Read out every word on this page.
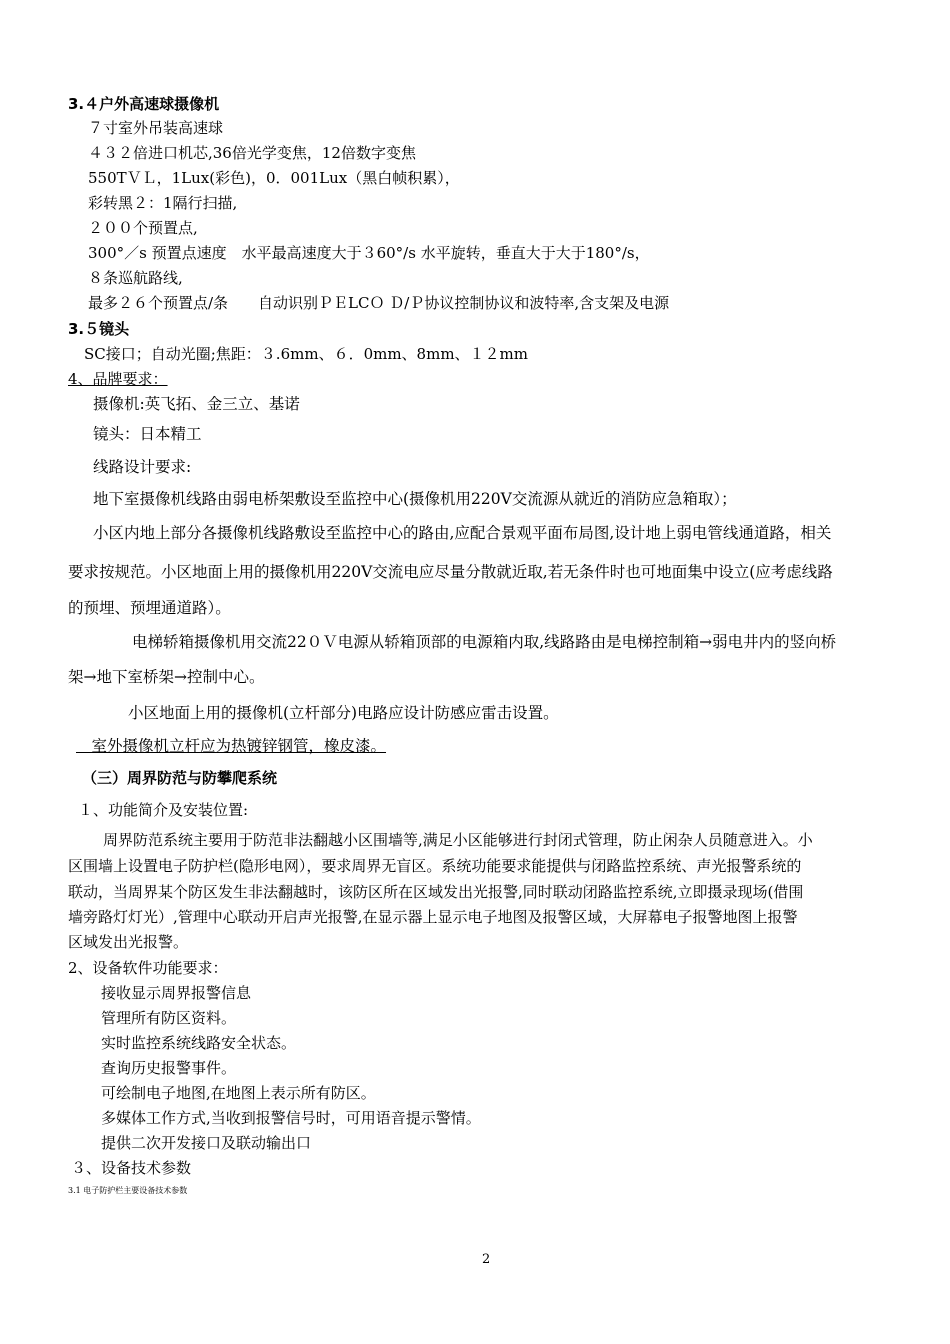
3.４户外高速球摄像机
７寸室外吊装高速球
４３２倍进口机芯,36倍光学变焦，12倍数字变焦
550TＶＬ，1Lux(彩色)，0．001Lux（黑白帧积累），
彩转黑２：1隔行扫描,
２００个预置点,
300°／s 预置点速度　水平最高速度大于３60°/s 水平旋转，垂直大于大于180°/s，
８条巡航路线,
最多２６个预置点/条　　自动识别ＰＥLCＯ Ｄ/Ｐ协议控制协议和波特率,含支架及电源
3.５镜头
SC接口；自动光圈;焦距：３.6mm、６．0mm、8mm、１２mm
4、品牌要求：
摄像机:英飞拓、金三立、基诺
镜头：日本精工
线路设计要求:
地下室摄像机线路由弱电桥架敷设至监控中心(摄像机用220V交流源从就近的消防应急箱取）；
小区内地上部分各摄像机线路敷设至监控中心的路由,应配合景观平面布局图,设计地上弱电管线通道路，相关
要求按规范。小区地面上用的摄像机用220V交流电应尽量分散就近取,若无条件时也可地面集中设立(应考虑线路
的预埋、预埋通道路）。
电梯轿箱摄像机用交流22０Ｖ电源从轿箱顶部的电源箱内取,线路路由是电梯控制箱→弱电井内的竖向桥
架→地下室桥架→控制中心。
小区地面上用的摄像机(立杆部分)电路应设计防感应雷击设置。
　室外摄像机立杆应为热镀锌钢管，橡皮漆。
（三）周界防范与防攀爬系统
１、功能简介及安装位置:
周界防范系统主要用于防范非法翻越小区围墙等,满足小区能够进行封闭式管理，防止闲杂人员随意进入。小
区围墙上设置电子防护栏(隐形电网），要求周界无盲区。系统功能要求能提供与闭路监控系统、声光报警系统的
联动，当周界某个防区发生非法翻越时，该防区所在区域发出光报警,同时联动闭路监控系统,立即摄录现场(借围
墙旁路灯灯光）,管理中心联动开启声光报警,在显示器上显示电子地图及报警区域，大屏幕电子报警地图上报警
区域发出光报警。
2、设备软件功能要求：
接收显示周界报警信息
管理所有防区资料。
实时监控系统线路安全状态。
查询历史报警事件。
可绘制电子地图,在地图上表示所有防区。
多媒体工作方式,当收到报警信号时，可用语音提示警情。
提供二次开发接口及联动输出口
３、设备技术参数
3.1 电子防护栏主要设备技术参数
2
